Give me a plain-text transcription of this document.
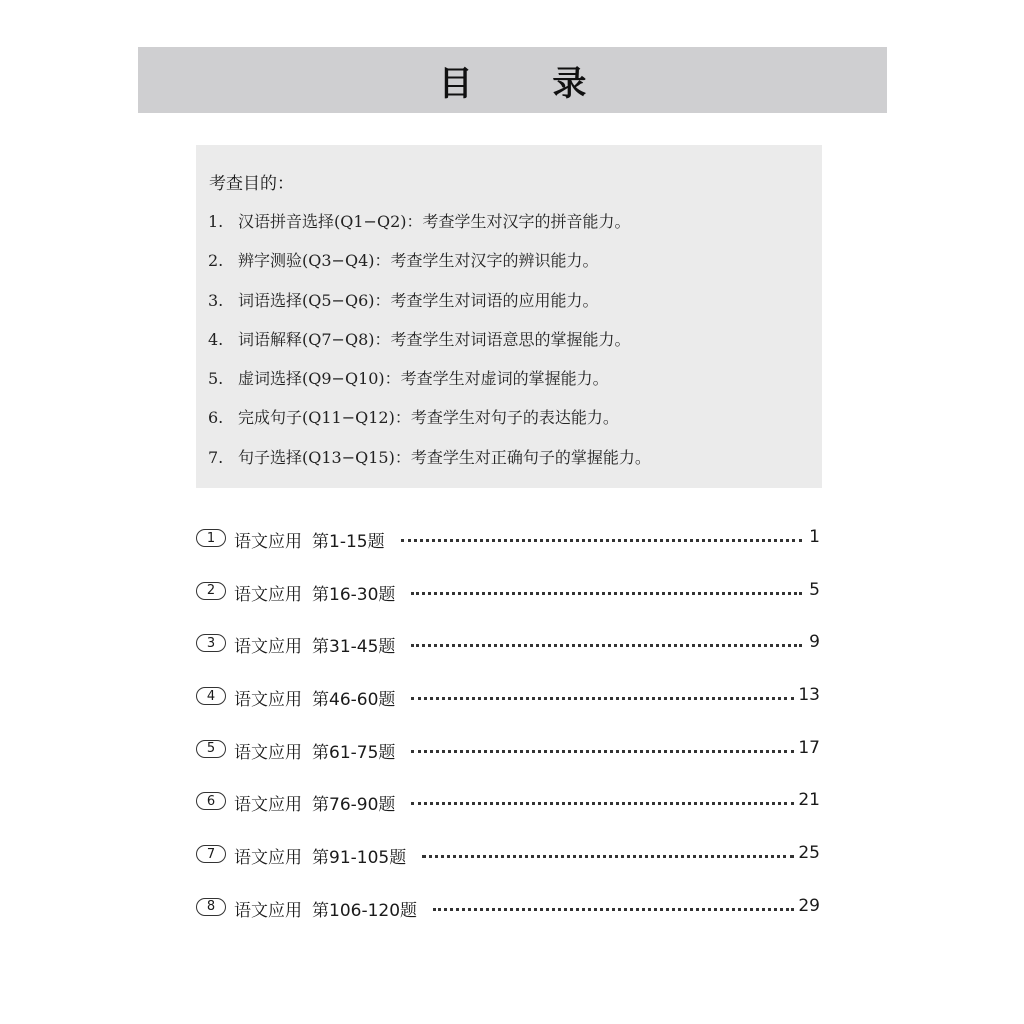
目 录
考查目的：
1. 汉语拼音选择(Q1−Q2)：考查学生对汉字的拼音能力。
2. 辨字测验(Q3−Q4)：考查学生对汉字的辨识能力。
3. 词语选择(Q5−Q6)：考查学生对词语的应用能力。
4. 词语解释(Q7−Q8)：考查学生对词语意思的掌握能力。
5. 虚词选择(Q9−Q10)：考查学生对虚词的掌握能力。
6. 完成句子(Q11−Q12)：考查学生对句子的表达能力。
7. 句子选择(Q13−Q15)：考查学生对正确句子的掌握能力。
1	语文应用 第1-15题	1
2	语文应用 第16-30题	5
3	语文应用 第31-45题	9
4	语文应用 第46-60题	13
5	语文应用 第61-75题	17
6	语文应用 第76-90题	21
7	语文应用 第91-105题	25
8	语文应用 第106-120题	29
